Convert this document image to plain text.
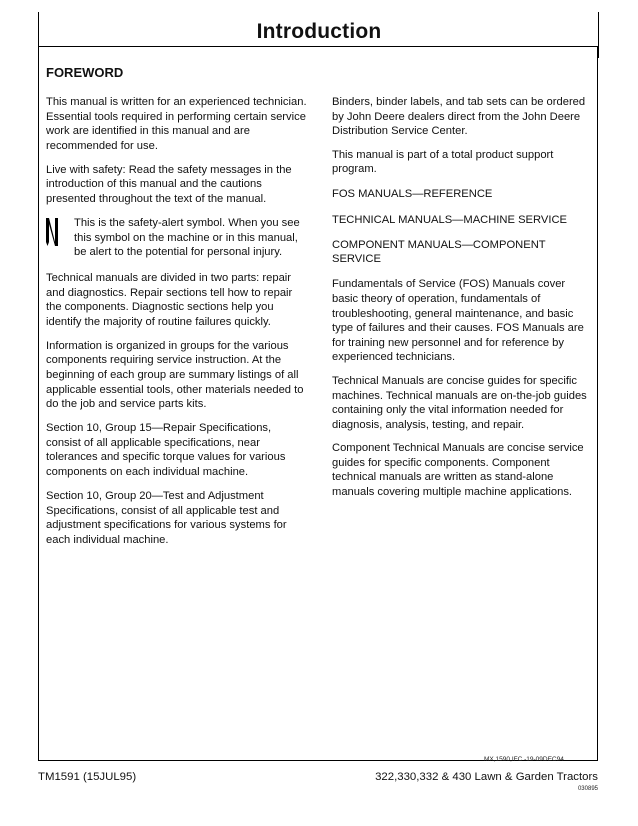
Introduction
FOREWORD

This manual is written for an experienced technician. Essential tools required in performing certain service work are identified in this manual and are recommended for use.

Live with safety: Read the safety messages in the introduction of this manual and the cautions presented throughout the text of the manual.

This is the safety-alert symbol. When you see this symbol on the machine or in this manual, be alert to the potential for personal injury.

Technical manuals are divided in two parts: repair and diagnostics. Repair sections tell how to repair the components. Diagnostic sections help you identify the majority of routine failures quickly.

Information is organized in groups for the various components requiring service instruction. At the beginning of each group are summary listings of all applicable essential tools, other materials needed to do the job and service parts kits.

Section 10, Group 15—Repair Specifications, consist of all applicable specifications, near tolerances and specific torque values for various components on each individual machine.

Section 10, Group 20—Test and Adjustment Specifications, consist of all applicable test and adjustment specifications for various systems for each individual machine.

Binders, binder labels, and tab sets can be ordered by John Deere dealers direct from the John Deere Distribution Service Center.

This manual is part of a total product support program.

FOS MANUALS—REFERENCE

TECHNICAL MANUALS—MACHINE SERVICE

COMPONENT MANUALS—COMPONENT SERVICE

Fundamentals of Service (FOS) Manuals cover basic theory of operation, fundamentals of troubleshooting, general maintenance, and basic type of failures and their causes. FOS Manuals are for training new personnel and for reference by experienced technicians.

Technical Manuals are concise guides for specific machines. Technical manuals are on-the-job guides containing only the vital information needed for diagnosis, analysis, testing, and repair.

Component Technical Manuals are concise service guides for specific components. Component technical manuals are written as stand-alone manuals covering multiple machine applications.

MX,1590,IFC -19-09DEC94
TM1591 (15JUL95)	322,330,332 & 430 Lawn & Garden Tractors
030895
